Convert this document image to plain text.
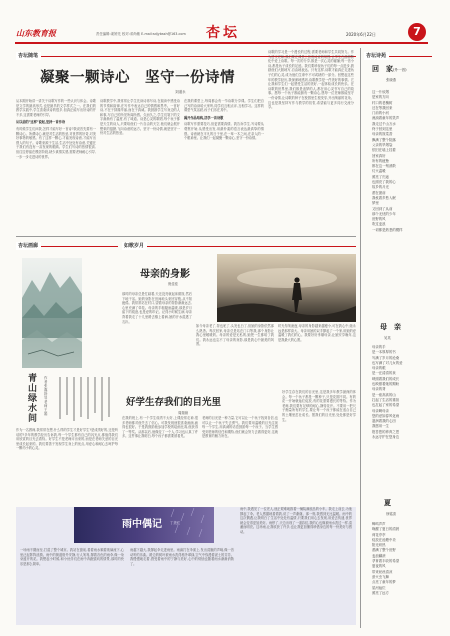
山东教育报	责任编辑:姜婷先 校对:邓尚敏 E-mail:sdjybssh@163.com 杏坛	2020年6月22日	7
杏坛随笔
凝聚一颗诗心　坚守一份诗情
刘道永
从本期开始讲一讲关于诗歌写作的一些认识与体会。诗歌是文学的最高形式,也是最早的文学样式之一。在我们的教学实践中,学生喜欢读诗的很多,但真正能写出好诗的并不多,这需要老师的引导。
从以前的"这样"说起,坚持一首作诗
有时候学生们问我,怎样才能写好一首诗?我说首先要有一颗诗心。所谓诗心,就是对生活的热爱,对世界的好奇,对美好事物的敏感。有了这样一颗心,才能发现诗意,才能写出感人的句子。诗歌来源于生活,生活中处处有诗意,关键在于我们有没有一双发现的眼睛。学生们写诗的热情很高,但往往停留在模仿阶段,缺少真情实感,需要老师耐心引导,一步一步走进诗的世界。
诗歌教学中,我常常让学生先读诗再写诗,在阅读中感受诗的节奏和韵律,在写作中表达自己的情感和思考。一首好诗,不在于辞藻华丽,而在于真诚。我鼓励学生写身边的人和事,写自己的所见所闻所感。久而久之,学生们笔下的文字渐渐有了温度,有了味道。诗是心灵的歌唱,每个孩子都是天生的诗人,只要给他们一片自由的天空,他们就会展开想象的翅膀,飞向诗意的远方。坚守一份诗情,就是坚守一份对生活的热爱。
在我的课堂上,每周都会有一节诗歌分享课。学生们把自己写的诗读给大家听,同学们互相点评,互相学习。这样的课堂气氛活跃,孩子们乐在其中。
揭开作品结构,活学一首诗歌
诗歌写作需要技巧,但更需要真情。我告诉学生,写诗要从观察开始,从感受出发,用最朴素的语言表达最真挚的情感。诗意就在平凡的日子里,在一草一木之间,在亲人的一个眼神里。让我们一起凝聚一颗诗心,坚守一份诗情。
诗歌的学习是一个漫长的过程,需要老师和学生共同努力。作为语文老师,我们要在课堂上营造诗意的氛围,让学生在潜移默化中爱上诗歌。每一次的分享,都是一次心灵的碰撞;每一首小诗,都是孩子成长的足迹。我们要珍视孩子们的每一点进步,鼓励他们大胆地写,自由地表达。只有这样,诗歌才能真正走进孩子们的心灵,成为他们生命中不可或缺的一部分。回想起这些年的教学经历,我深深地感到,诗歌教学是一件美好的事情。它让我和学生们一起感受生活的美好,一起体验成长的快乐。在诗歌的世界里,我们都是追梦的人,都在用心灵书写自己的故事。愿每一个孩子都能拥有一颗诗心,愿每一位老师都能坚守一份诗情,让诗歌的种子在校园里生根发芽,开出绚丽的花朵。这也是我坚持写作与教学的初衷,希望能与更多同行交流分享。
杏坛画廊
青山绿水间
作者 张 鑫　指导老师 王 娟
如歌岁月
母亲的身影
倪佳佳
那时的母亲总是忙碌着,天还没亮就起床做饭,然后下地干活。她的身影在田间地头来回穿梭,从不知疲倦。我常常站在村口,望着母亲的背影渐渐远去,心里充满了牵挂。母亲的手粗糙而温暖,那是岁月留下的痕迹,也是爱的印记。记得小时候生病,母亲背着我走了十几里路去镇上看病,她的汗水湿透了衣衫。
如今母亲老了,背也驼了,头发也白了,但她的身影依然那么熟悉。每次回家,母亲总是站在门口等我,那个身影让我心里暖暖的。母亲的爱是无私的,她把一生都给了我们。我永远也忘不了母亲的身影,那是我心中最美的风景。
时光匆匆流逝,母亲的身影越来越瘦小,可在我心中,她永远是那样高大。母亲用她的双手撑起了一个家,用她的爱温暖了我们的心。我要好好孝顺母亲,让她安享晚年,这是我最大的心愿。
好学生存我们的目光里
周瑞琼
作为一名教师,我常常在想,什么样的学生才是好学生?是成绩好的,还是听话的?多年的教学经历告诉我,每一个学生都有自己的闪光点,都值得我们用欣赏的目光去看待。好学生不是老师评出来的,而是在老师关爱的目光里成长起来的。我们要善于发现学生身上的优点,用爱心和耐心去呵护每一颗幼小的心灵。
在我的班上,有一个学生成绩不太好,上课经常走神,很多老师都对他失去了信心。可我发现他很喜欢画画,画得也很好。于是我鼓励他参加学校的绘画比赛,他获得了一等奖。从那以后,他像变了一个人,学习也认真了许多。这件事让我明白,每个孩子都需要被看见。
老师的目光是一种力量,它可以让一个孩子找到自信,也可以让一个孩子失去勇气。我们要用温暖的目光注视每一个学生,用真诚的话语鼓励每一个孩子。当学生感受到老师的信任和期待,他们就会努力去做得更好,这就是教育的魅力所在。
好学生存在我们的目光里,这是我多年教学最深的体会。每一个孩子都是一颗种子,只是花期不同。有的花一开始就灿烂绽放,有的花需要漫长的等待。作为老师,我们要有足够的耐心,静待花开。不要用一把尺子衡量所有的学生,要让每一个孩子都能在适合自己的土壤里茁壮成长。愿我们的目光里,处处都是好学生。
雨中偶记 丁美红
一场雨不期而至,打湿了整个城市。我站在窗前,看着雨水顺着玻璃流下,心里泛起阵阵涟漪。雨中的街道格外安静,行人匆匆,撑着各色的雨伞,像一朵朵盛开的花。我想起小时候,和小伙伴们在雨中奔跑嬉戏的情景,那时的快乐是那么简单。
雨越下越大,我撑起伞走进雨里。雨滴打在伞面上,发出清脆的声响,像一首动听的乐曲。路边的树叶被雨水洗得格外翠绿,空气中弥漫着泥土的芬芳。我慢慢地走着,感受着雨中的宁静与美好,心中的烦恼也随着雨水渐渐消散了。
雨中,我遇见了一位老人,他正艰难地推着一辆装满废品的小车。我走上前去,为他撑起了伞。老人感激地看着我,说了一声谢谢。那一刻,我感到无比温暖。雨中的这次偶遇,让我明白了生活中处处有温情,只要我们用心去发现,用爱去传递,世界就会变得更加美好。雨停了,天边出现了一道彩虹,我的心也像被雨水洗过一样,清澈而明亮。这场雨,让我收获了许多,也让我更加懂得珍惜身边的每一份美好与感动。
杏坛诗苑
回　家(外一首)
张晓燕
这一片炊烟
是家的方向
村口的老槐树
还在等我回来
门前的小河
流淌着童年的笑声
我走过千山万水
终于回到这里
母亲的饭菜香
飘满了整个院落
父亲的旱烟袋
依旧在墙上挂着
回家真好
所有的疲惫
都在这一刻消散
灯火温暖
照亮了归途
也照亮了我的心
故乡的月光
洒在窗前
我枕着乡愁入眠
梦里
又回到了从前
那个无忧的少年
田野的风
吹过麦浪
一切都是熟悉的模样
母　亲
吴英
母亲的手
是一本厚厚的书
写满了岁月的沧桑
也写满了对儿女的爱
母亲的眼
是一汪清清的泉
映照着我们的成长
也映照着她的期盼
母亲的背
是一座高高的山
扛起了生活的重担
也扛起了家的希望
母亲啊母亲
您的爱如春风化雨
滋润着我的心田
我愿用一生
报答您的养育之恩
永远守护在您身边
夏
徐铭喜
蝉鸣声声
唤醒了夏日的清晨
荷花亭亭
绽放在池塘中央
阳光炽热
洒满了整个田野
麦浪翻滚
孕育着丰收的希望
夏夜的风
带来丝丝清凉
萤火虫飞舞
点亮了童年的梦
星河灿烂
照亮了远方
